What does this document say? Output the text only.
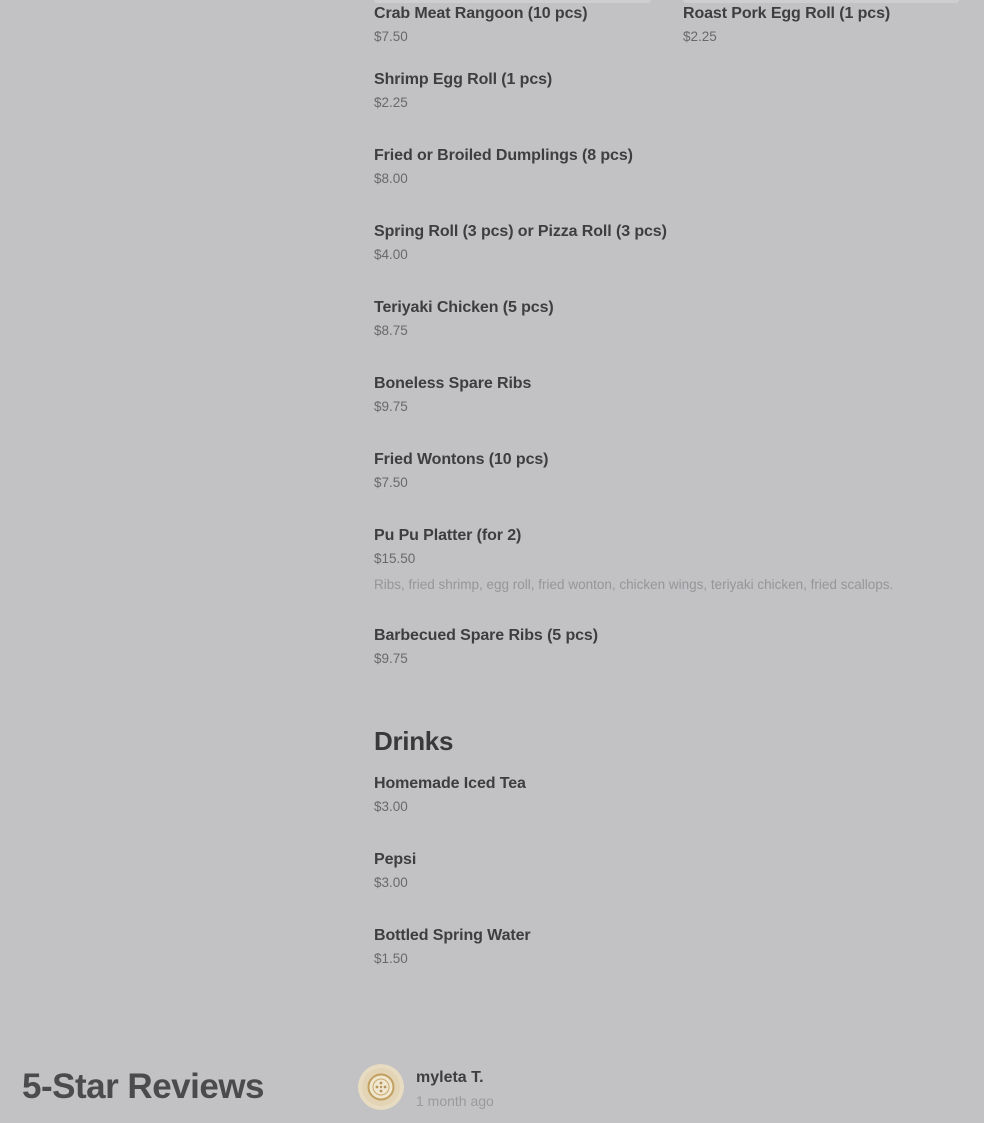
Crab Meat Rangoon (10 pcs)
$7.50
Roast Pork Egg Roll (1 pcs)
$2.25
Shrimp Egg Roll (1 pcs)
$2.25
Fried or Broiled Dumplings (8 pcs)
$8.00
Spring Roll (3 pcs) or Pizza Roll (3 pcs)
$4.00
Teriyaki Chicken (5 pcs)
$8.75
Boneless Spare Ribs
$9.75
Fried Wontons (10 pcs)
$7.50
Pu Pu Platter (for 2)
$15.50
Ribs, fried shrimp, egg roll, fried wonton, chicken wings, teriyaki chicken, fried scallops.
Barbecued Spare Ribs (5 pcs)
$9.75
Drinks
Homemade Iced Tea
$3.00
Pepsi
$3.00
Bottled Spring Water
$1.50
5-Star Reviews	myleta T.
1 month ago
